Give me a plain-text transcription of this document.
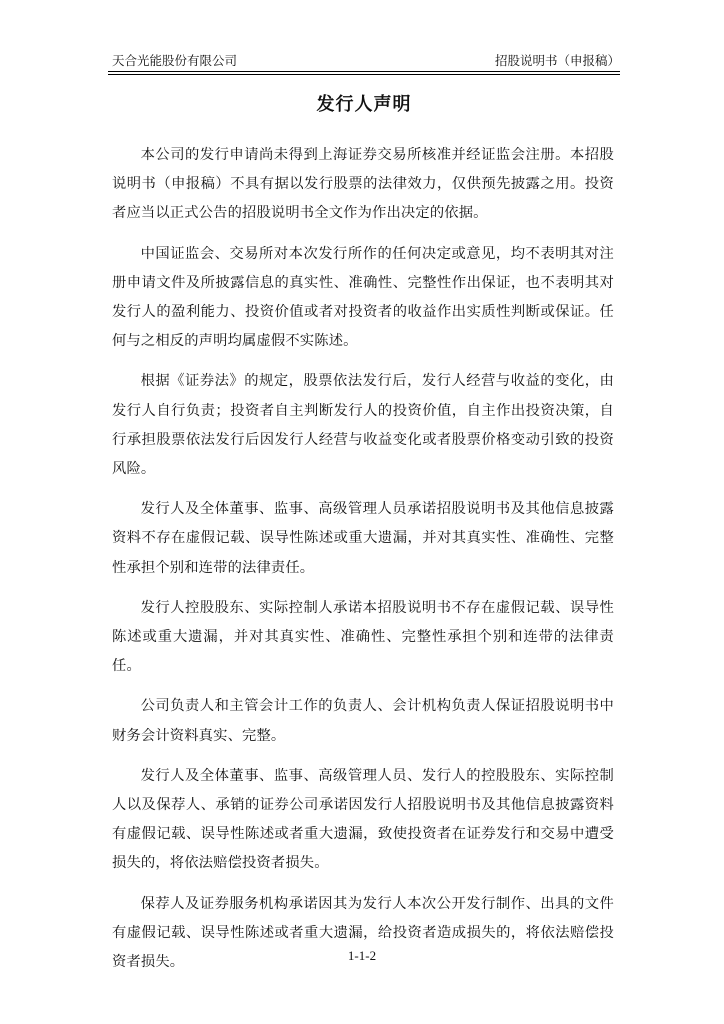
天合光能股份有限公司	招股说明书（申报稿）
发行人声明

本公司的发行申请尚未得到上海证券交易所核准并经证监会注册。本招股说明书（申报稿）不具有据以发行股票的法律效力，仅供预先披露之用。投资者应当以正式公告的招股说明书全文作为作出决定的依据。

中国证监会、交易所对本次发行所作的任何决定或意见，均不表明其对注册申请文件及所披露信息的真实性、准确性、完整性作出保证，也不表明其对发行人的盈利能力、投资价值或者对投资者的收益作出实质性判断或保证。任何与之相反的声明均属虚假不实陈述。

根据《证券法》的规定，股票依法发行后，发行人经营与收益的变化，由发行人自行负责；投资者自主判断发行人的投资价值，自主作出投资决策，自行承担股票依法发行后因发行人经营与收益变化或者股票价格变动引致的投资风险。

发行人及全体董事、监事、高级管理人员承诺招股说明书及其他信息披露资料不存在虚假记载、误导性陈述或重大遗漏，并对其真实性、准确性、完整性承担个别和连带的法律责任。

发行人控股股东、实际控制人承诺本招股说明书不存在虚假记载、误导性陈述或重大遗漏，并对其真实性、准确性、完整性承担个别和连带的法律责任。

公司负责人和主管会计工作的负责人、会计机构负责人保证招股说明书中财务会计资料真实、完整。

发行人及全体董事、监事、高级管理人员、发行人的控股股东、实际控制人以及保荐人、承销的证券公司承诺因发行人招股说明书及其他信息披露资料有虚假记载、误导性陈述或者重大遗漏，致使投资者在证券发行和交易中遭受损失的，将依法赔偿投资者损失。

保荐人及证券服务机构承诺因其为发行人本次公开发行制作、出具的文件有虚假记载、误导性陈述或者重大遗漏，给投资者造成损失的，将依法赔偿投资者损失。	1-1-2
